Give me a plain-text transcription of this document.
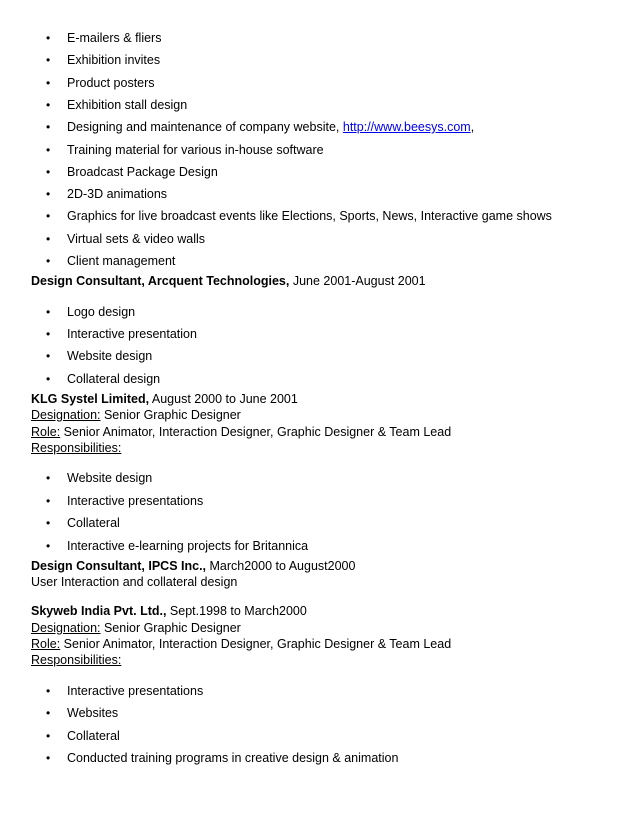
• E-mailers & fliers
• Exhibition invites
• Product posters
• Exhibition stall design
• Designing and maintenance of company website, http://www.beesys.com,
• Training material for various in-house software
• Broadcast Package Design
• 2D-3D animations
• Graphics for live broadcast events like Elections, Sports, News, Interactive game shows
• Virtual sets & video walls
• Client management
Design Consultant, Arcquent Technologies, June 2001-August 2001
• Logo design
• Interactive presentation
• Website design
• Collateral design
KLG Systel Limited, August 2000 to June 2001
Designation: Senior Graphic Designer
Role: Senior Animator, Interaction Designer, Graphic Designer & Team Lead
Responsibilities:
• Website design
• Interactive presentations
• Collateral
• Interactive e-learning projects for Britannica
Design Consultant, IPCS Inc., March2000 to August2000
User Interaction and collateral design
Skyweb India Pvt. Ltd., Sept.1998 to March2000
Designation: Senior Graphic Designer
Role: Senior Animator, Interaction Designer, Graphic Designer & Team Lead
Responsibilities:
• Interactive presentations
• Websites
• Collateral
• Conducted training programs in creative design & animation
